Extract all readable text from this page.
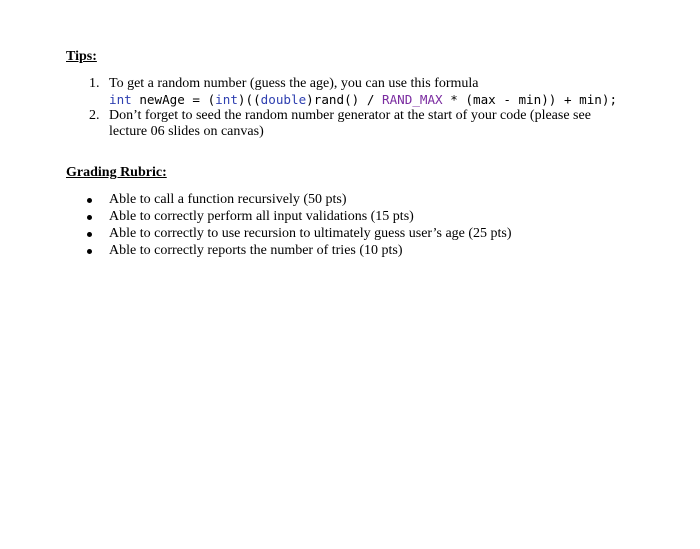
Tips:
1. To get a random number (guess the age), you can use this formula
int newAge = (int)((double)rand() / RAND_MAX * (max - min)) + min);
2. Don’t forget to seed the random number generator at the start of your code (please see
lecture 06 slides on canvas)
Grading Rubric:
Able to call a function recursively (50 pts)
Able to correctly perform all input validations (15 pts)
Able to correctly to use recursion to ultimately guess user’s age (25 pts)
Able to correctly reports the number of tries (10 pts)
